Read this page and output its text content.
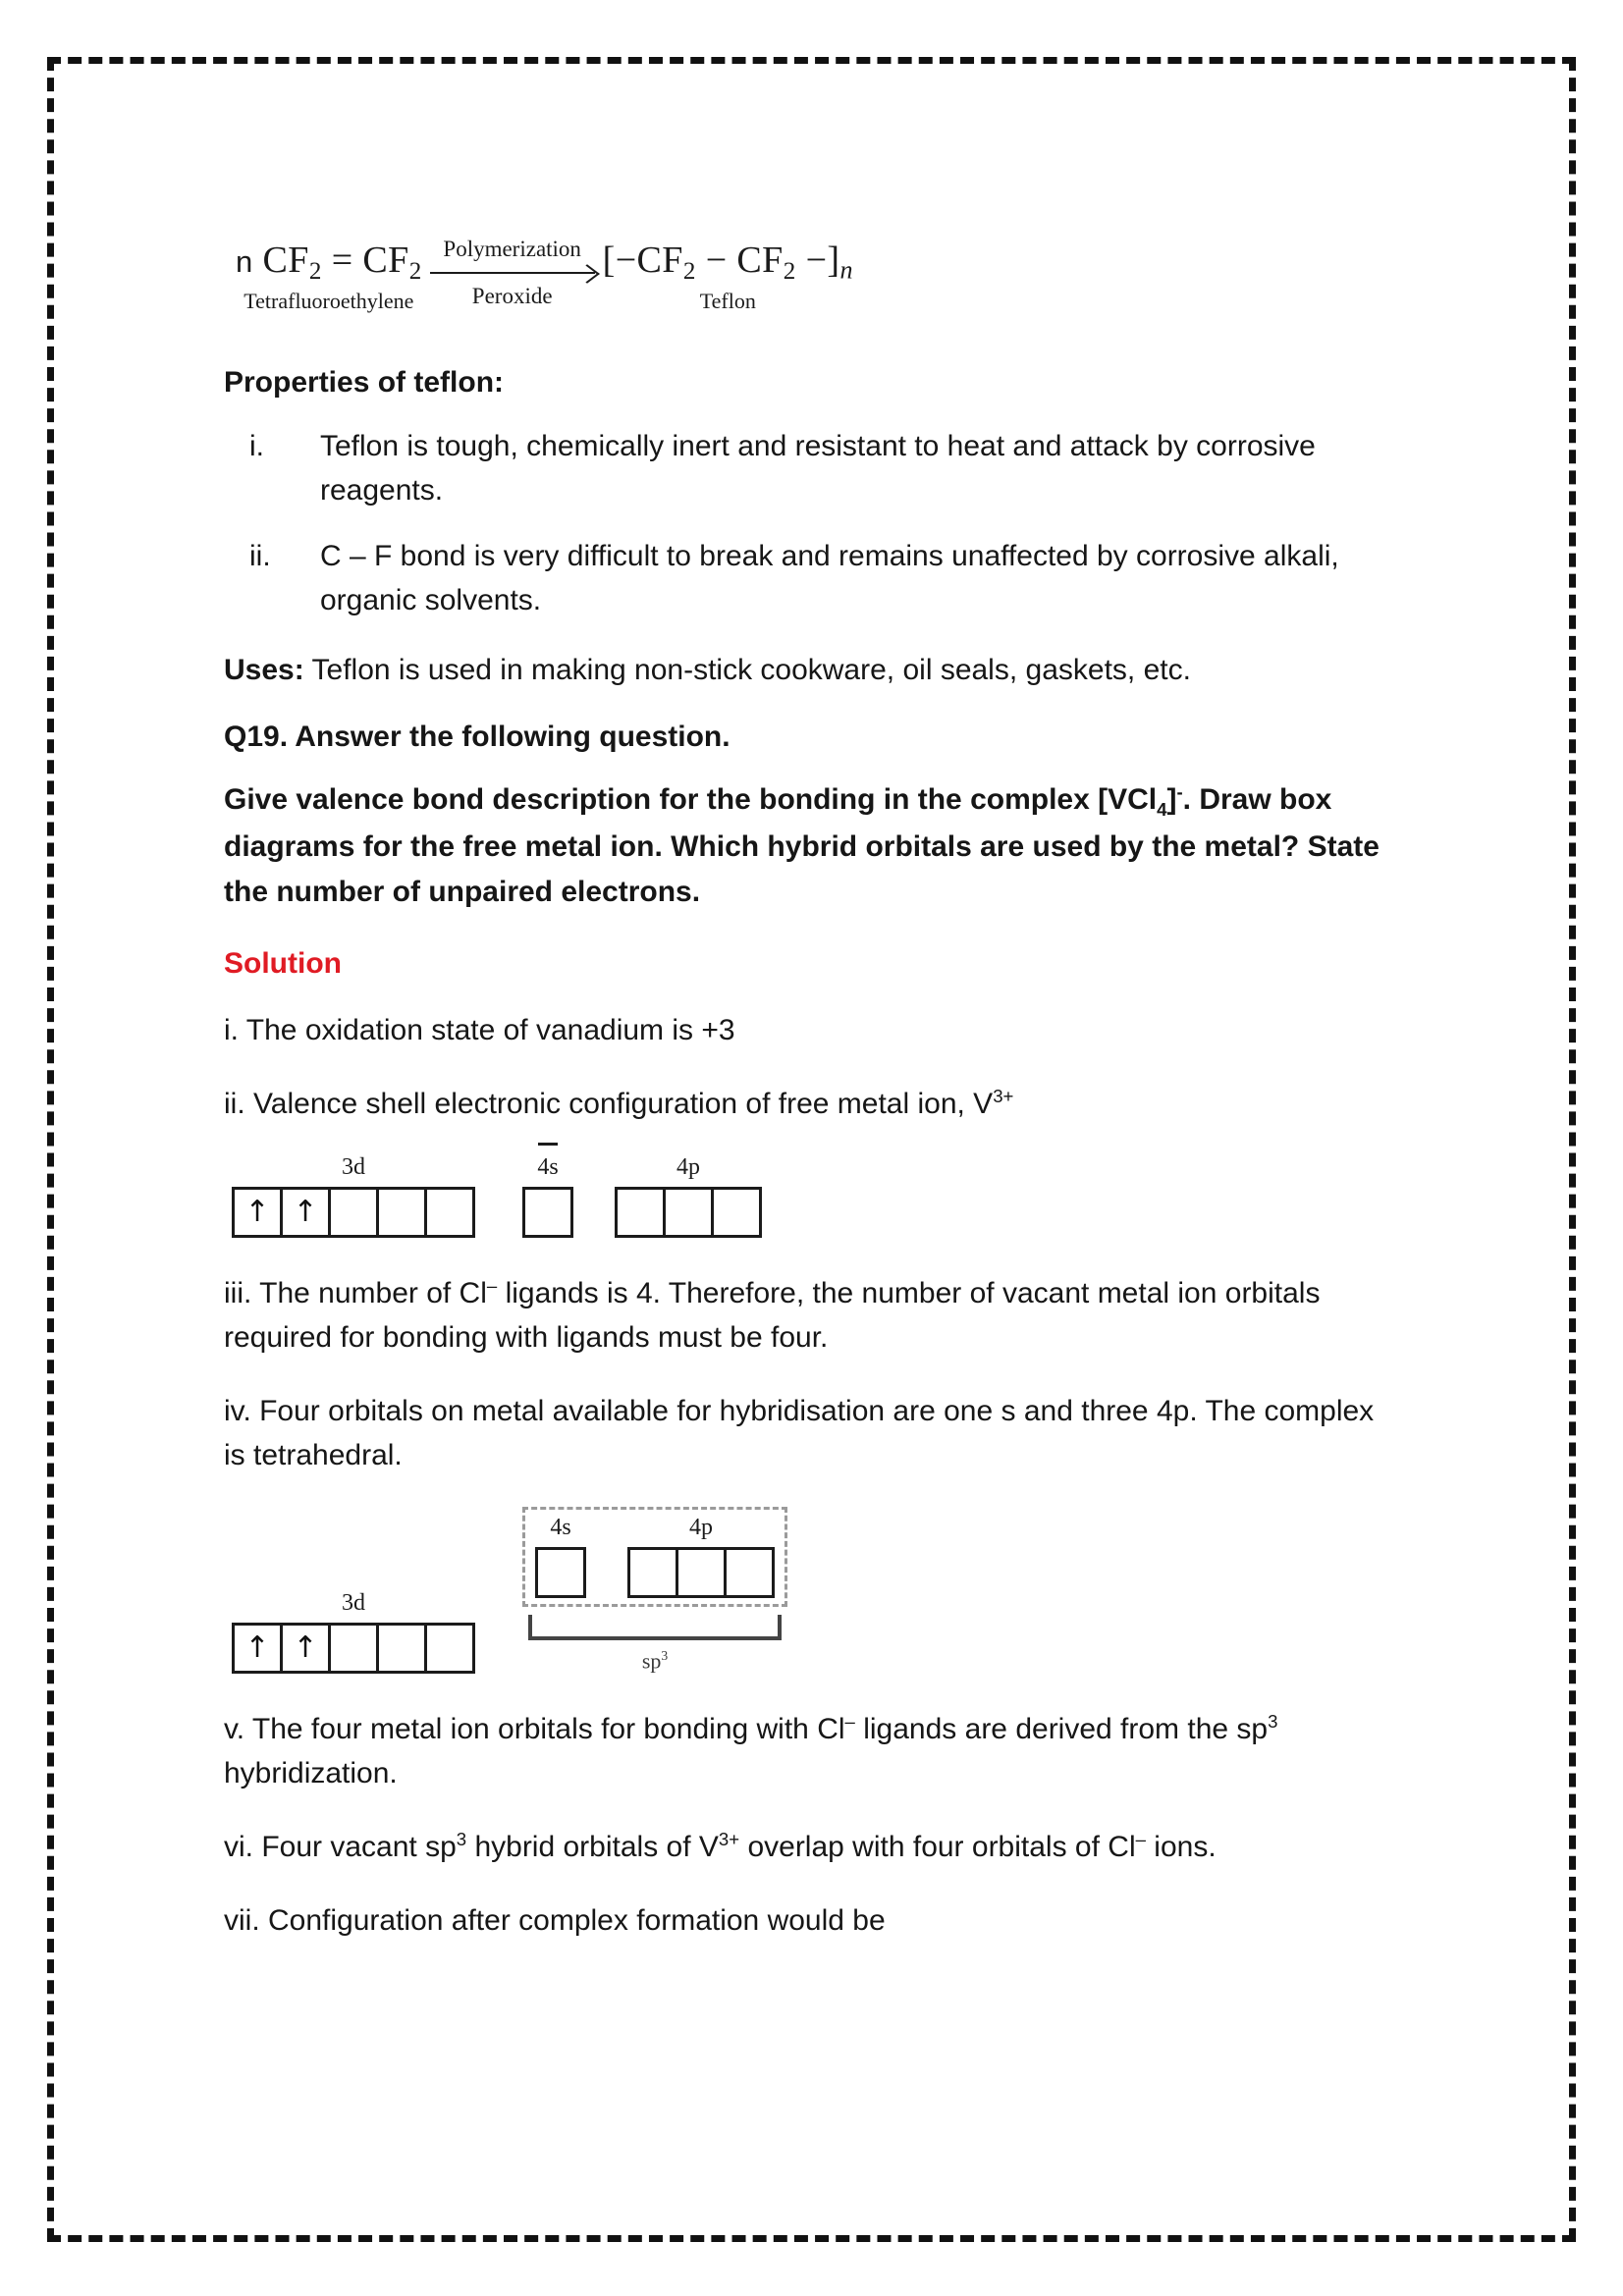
n $CF_2 = CF_2$
Tetrafluoroethylene
Polymerization
Peroxide
$[-CF_2 - CF_2 -]n$
Teflon
Properties of teflon:
i.	Teflon is tough, chemically inert and resistant to heat and attack by corrosive reagents.
ii.	C – F bond is very difficult to break and remains unaffected by corrosive alkali, organic solvents.

Uses: Teflon is used in making non-stick cookware, oil seals, gaskets, etc.

Q19. Answer the following question.

Give valence bond description for the bonding in the complex [VCl$_4$]-. Draw box diagrams for the free metal ion. Which hybrid orbitals are used by the metal? State the number of unpaired electrons.

Solution

i. The oxidation state of vanadium is +3

ii. Valence shell electronic configuration of free metal ion, $V^{3+}$

3d
↑ ↑
4s	4p

iii. The number of Cl– ligands is 4. Therefore, the number of vacant metal ion orbitals required for bonding with ligands must be four.

iv. Four orbitals on metal available for hybridisation are one s and three 4p. The complex is tetrahedral.

3d
↑ ↑
4s	4p
$sp^3$

v. The four metal ion orbitals for bonding with Cl– ligands are derived from the $sp^3$ hybridization.

vi. Four vacant $sp^3$ hybrid orbitals of $V^{3+}$ overlap with four orbitals of Cl– ions.

vii. Configuration after complex formation would be
